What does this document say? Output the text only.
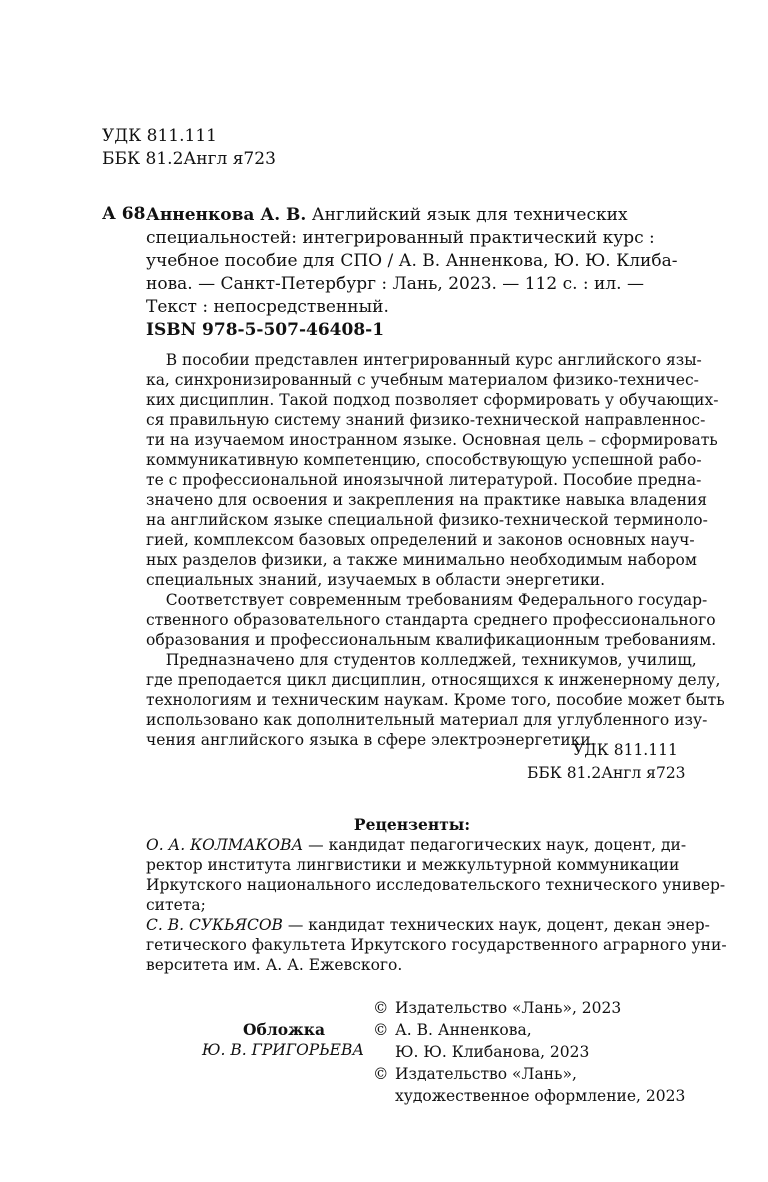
УДК 811.111
ББК 81.2Англ я723
А 68 Анненкова А. В. Английский язык для технических
специальностей: интегрированный практический курс :
учебное пособие для СПО / А. В. Анненкова, Ю. Ю. Клиба-
нова. — Санкт-Петербург : Лань, 2023. — 112 с. : ил. —
Текст : непосредственный.
ISBN 978-5-507-46408-1
В пособии представлен интегрированный курс английского язы-
ка, синхронизированный с учебным материалом физико-техничес-
ких дисциплин. Такой подход позволяет сформировать у обучающих-
ся правильную систему знаний физико-технической направленнос-
ти на изучаемом иностранном языке. Основная цель – сформировать
коммуникативную компетенцию, способствующую успешной рабо-
те с профессиональной иноязычной литературой. Пособие предна-
значено для освоения и закрепления на практике навыка владения
на английском языке специальной физико-технической терминоло-
гией, комплексом базовых определений и законов основных науч-
ных разделов физики, а также минимально необходимым набором
специальных знаний, изучаемых в области энергетики.
Соответствует современным требованиям Федерального государ-
ственного образовательного стандарта среднего профессионального
образования и профессиональным квалификационным требованиям.
Предназначено для студентов колледжей, техникумов, училищ,
где преподается цикл дисциплин, относящихся к инженерному делу,
технологиям и техническим наукам. Кроме того, пособие может быть
использовано как дополнительный материал для углубленного изу-
чения английского языка в сфере электроэнергетики.
УДК 811.111
ББК 81.2Англ я723
Рецензенты:
О. А. КОЛМАКОВА — кандидат педагогических наук, доцент, ди-
ректор института лингвистики и межкультурной коммуникации
Иркутского национального исследовательского технического универ-
ситета;
С. В. СУКЬЯСОВ — кандидат технических наук, доцент, декан энер-
гетического факультета Иркутского государственного аграрного уни-
верситета им. А. А. Ежевского.
Обложка
Ю. В. ГРИГОРЬЕВА
© Издательство «Лань», 2023
© А. В. Анненкова,
Ю. Ю. Клибанова, 2023
© Издательство «Лань»,
художественное оформление, 2023
